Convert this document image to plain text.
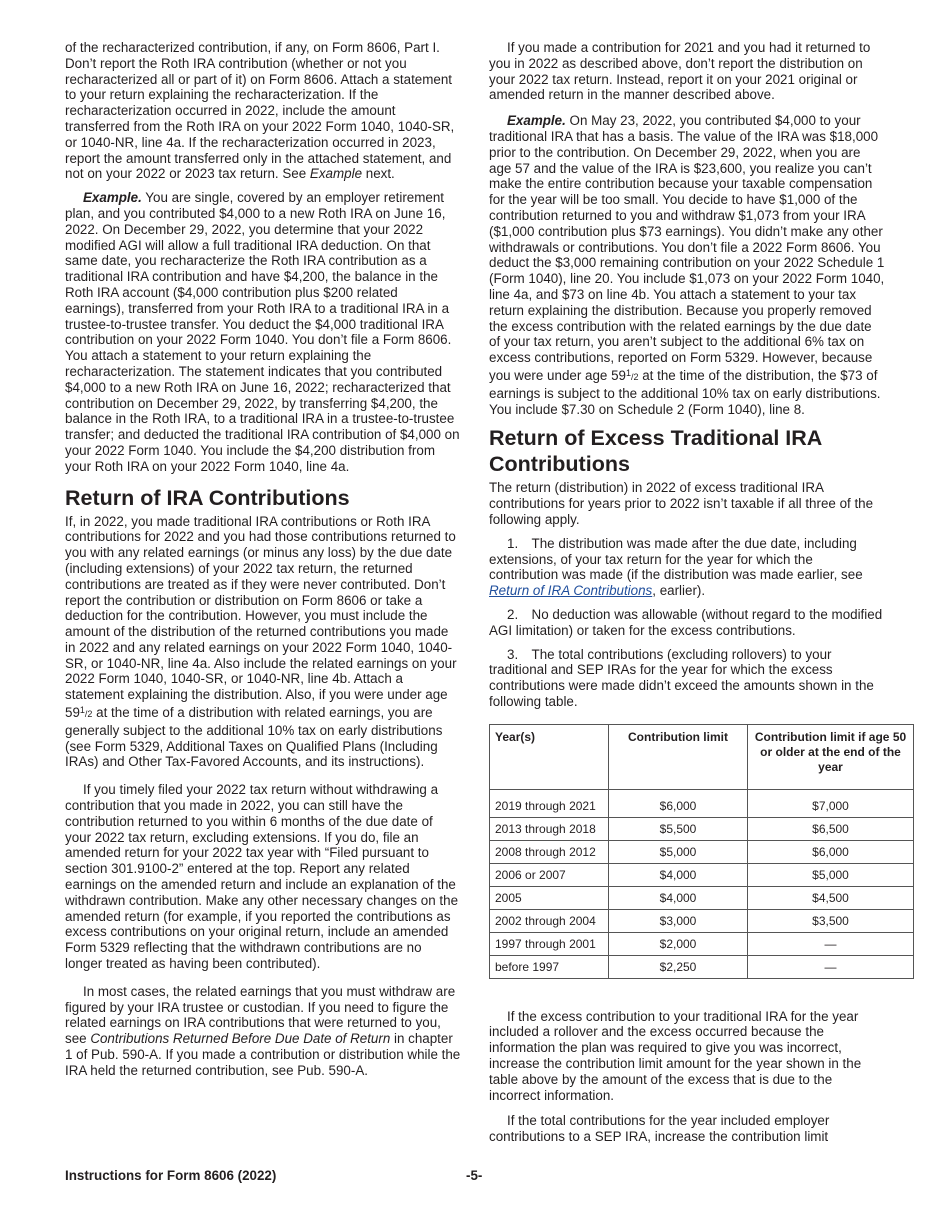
of the recharacterized contribution, if any, on Form 8606, Part I. Don’t report the Roth IRA contribution (whether or not you recharacterized all or part of it) on Form 8606. Attach a statement to your return explaining the recharacterization. If the recharacterization occurred in 2022, include the amount transferred from the Roth IRA on your 2022 Form 1040, 1040-SR, or 1040-NR, line 4a. If the recharacterization occurred in 2023, report the amount transferred only in the attached statement, and not on your 2022 or 2023 tax return. See Example next.

Example. You are single, covered by an employer retirement plan, and you contributed $4,000 to a new Roth IRA on June 16, 2022. On December 29, 2022, you determine that your 2022 modified AGI will allow a full traditional IRA deduction. On that same date, you recharacterize the Roth IRA contribution as a traditional IRA contribution and have $4,200, the balance in the Roth IRA account ($4,000 contribution plus $200 related earnings), transferred from your Roth IRA to a traditional IRA in a trustee-to-trustee transfer. You deduct the $4,000 traditional IRA contribution on your 2022 Form 1040. You don’t file a Form 8606. You attach a statement to your return explaining the recharacterization. The statement indicates that you contributed $4,000 to a new Roth IRA on June 16, 2022; recharacterized that contribution on December 29, 2022, by transferring $4,200, the balance in the Roth IRA, to a traditional IRA in a trustee-to-trustee transfer; and deducted the traditional IRA contribution of $4,000 on your 2022 Form 1040. You include the $4,200 distribution from your Roth IRA on your 2022 Form 1040, line 4a.

Return of IRA Contributions

If, in 2022, you made traditional IRA contributions or Roth IRA contributions for 2022 and you had those contributions returned to you with any related earnings (or minus any loss) by the due date (including extensions) of your 2022 tax return, the returned contributions are treated as if they were never contributed. Don’t report the contribution or distribution on Form 8606 or take a deduction for the contribution. However, you must include the amount of the distribution of the returned contributions you made in 2022 and any related earnings on your 2022 Form 1040, 1040-SR, or 1040-NR, line 4a. Also include the related earnings on your 2022 Form 1040, 1040-SR, or 1040-NR, line 4b. Attach a statement explaining the distribution. Also, if you were under age $59^1/2$ at the time of a distribution with related earnings, you are generally subject to the additional 10% tax on early distributions (see Form 5329, Additional Taxes on Qualified Plans (Including IRAs) and Other Tax-Favored Accounts, and its instructions).

If you timely filed your 2022 tax return without withdrawing a contribution that you made in 2022, you can still have the contribution returned to you within 6 months of the due date of your 2022 tax return, excluding extensions. If you do, file an amended return for your 2022 tax year with “Filed pursuant to section 301.9100-2” entered at the top. Report any related earnings on the amended return and include an explanation of the withdrawn contribution. Make any other necessary changes on the amended return (for example, if you reported the contributions as excess contributions on your original return, include an amended Form 5329 reflecting that the withdrawn contributions are no longer treated as having been contributed).

In most cases, the related earnings that you must withdraw are figured by your IRA trustee or custodian. If you need to figure the related earnings on IRA contributions that were returned to you, see Contributions Returned Before Due Date of Return in chapter 1 of Pub. 590-A. If you made a contribution or distribution while the IRA held the returned contribution, see Pub. 590-A.

If you made a contribution for 2021 and you had it returned to you in 2022 as described above, don’t report the distribution on your 2022 tax return. Instead, report it on your 2021 original or amended return in the manner described above.

Example. On May 23, 2022, you contributed $4,000 to your traditional IRA that has a basis. The value of the IRA was $18,000 prior to the contribution. On December 29, 2022, when you are age 57 and the value of the IRA is $23,600, you realize you can’t make the entire contribution because your taxable compensation for the year will be too small. You decide to have $1,000 of the contribution returned to you and withdraw $1,073 from your IRA ($1,000 contribution plus $73 earnings). You didn’t make any other withdrawals or contributions. You don’t file a 2022 Form 8606. You deduct the $3,000 remaining contribution on your 2022 Schedule 1 (Form 1040), line 20. You include $1,073 on your 2022 Form 1040, line 4a, and $73 on line 4b. You attach a statement to your tax return explaining the distribution. Because you properly removed the excess contribution with the related earnings by the due date of your tax return, you aren’t subject to the additional 6% tax on excess contributions, reported on Form 5329. However, because you were under age $59^1/2$ at the time of the distribution, the $73 of earnings is subject to the additional 10% tax on early distributions. You include $7.30 on Schedule 2 (Form 1040), line 8.

Return of Excess Traditional IRA Contributions

The return (distribution) in 2022 of excess traditional IRA contributions for years prior to 2022 isn’t taxable if all three of the following apply.

1. The distribution was made after the due date, including extensions, of your tax return for the year for which the contribution was made (if the distribution was made earlier, see Return of IRA Contributions, earlier).

2. No deduction was allowable (without regard to the modified AGI limitation) or taken for the excess contributions.

3. The total contributions (excluding rollovers) to your traditional and SEP IRAs for the year for which the excess contributions were made didn’t exceed the amounts shown in the following table.

Year(s)	Contribution limit	Contribution limit if age 50 or older at the end of the year
2019 through 2021	$6,000	$7,000
2013 through 2018	$5,500	$6,500
2008 through 2012	$5,000	$6,000
2006 or 2007	$4,000	$5,000
2005	$4,000	$4,500
2002 through 2004	$3,000	$3,500
1997 through 2001	$2,000	—
before 1997	$2,250	—

If the excess contribution to your traditional IRA for the year included a rollover and the excess occurred because the information the plan was required to give you was incorrect, increase the contribution limit amount for the year shown in the table above by the amount of the excess that is due to the incorrect information.

If the total contributions for the year included employer contributions to a SEP IRA, increase the contribution limit

Instructions for Form 8606 (2022)	-5-
